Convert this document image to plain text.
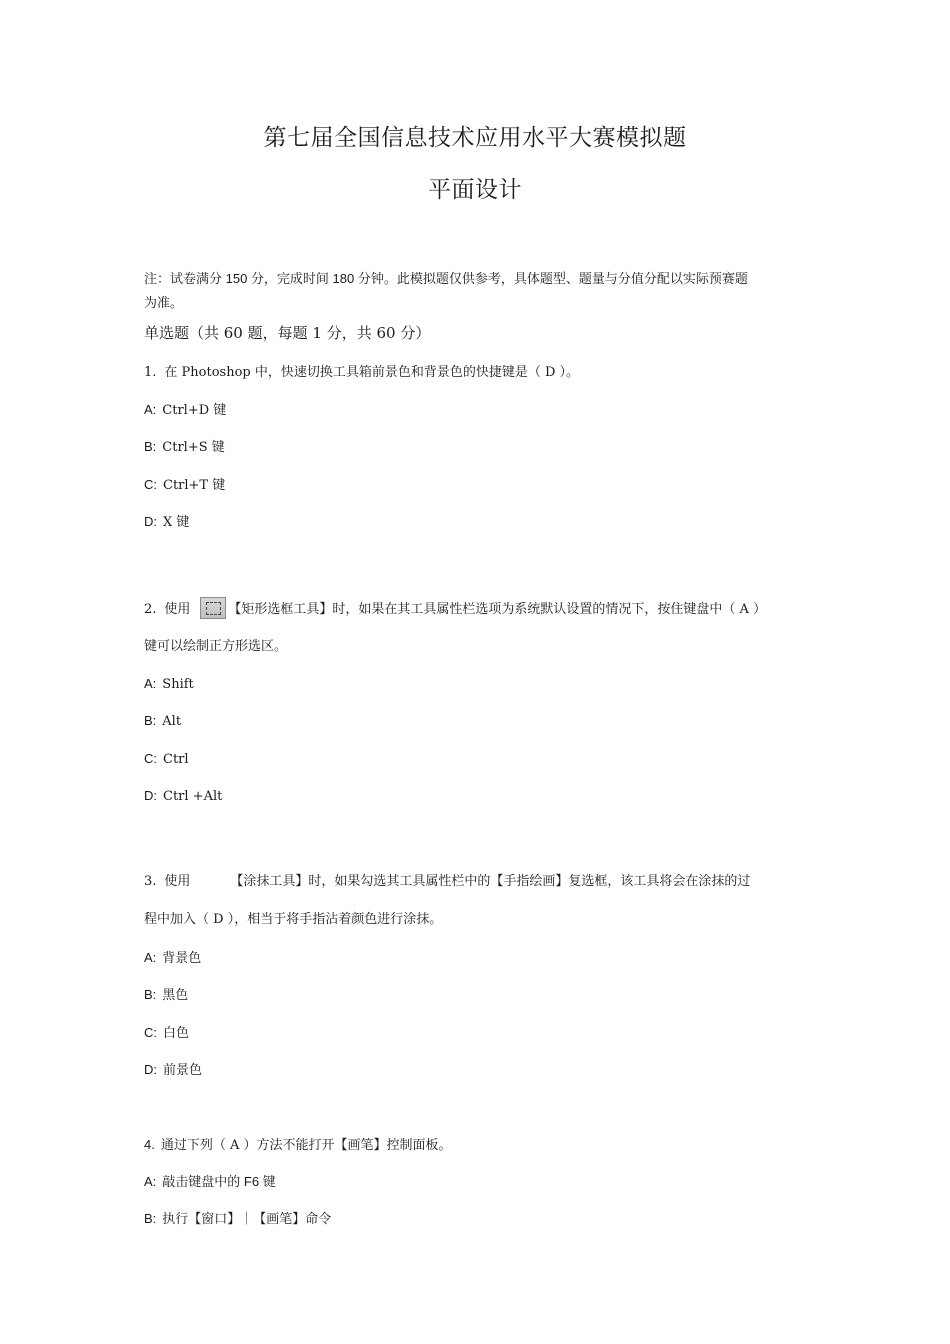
第七届全国信息技术应用水平大赛模拟题
平面设计
注：试卷满分 150 分，完成时间 180 分钟。此模拟题仅供参考，具体题型、题量与分值分配以实际预赛题
为准。
单选题（共 60 题，每题 1 分，共 60 分）
1. 在 Photoshop 中，快速切换工具箱前景色和背景色的快捷键是（ D ）。
A: Ctrl+D 键
B: Ctrl+S 键
C: Ctrl+T 键
D: X 键
2. 使用	【矩形选框工具】时，如果在其工具属性栏选项为系统默认设置的情况下，按住键盘中（ A ）
键可以绘制正方形选区。
A: Shift
B: Alt
C: Ctrl
D: Ctrl +Alt
3. 使用	【涂抹工具】时，如果勾选其工具属性栏中的【手指绘画】复选框，该工具将会在涂抹的过
程中加入（ D ），相当于将手指沾着颜色进行涂抹。
A: 背景色
B: 黑色
C: 白色
D: 前景色
4. 通过下列（ A ）方法不能打开【画笔】控制面板。
A: 敲击键盘中的 F6 键
B: 执行【窗口】｜【画笔】命令
